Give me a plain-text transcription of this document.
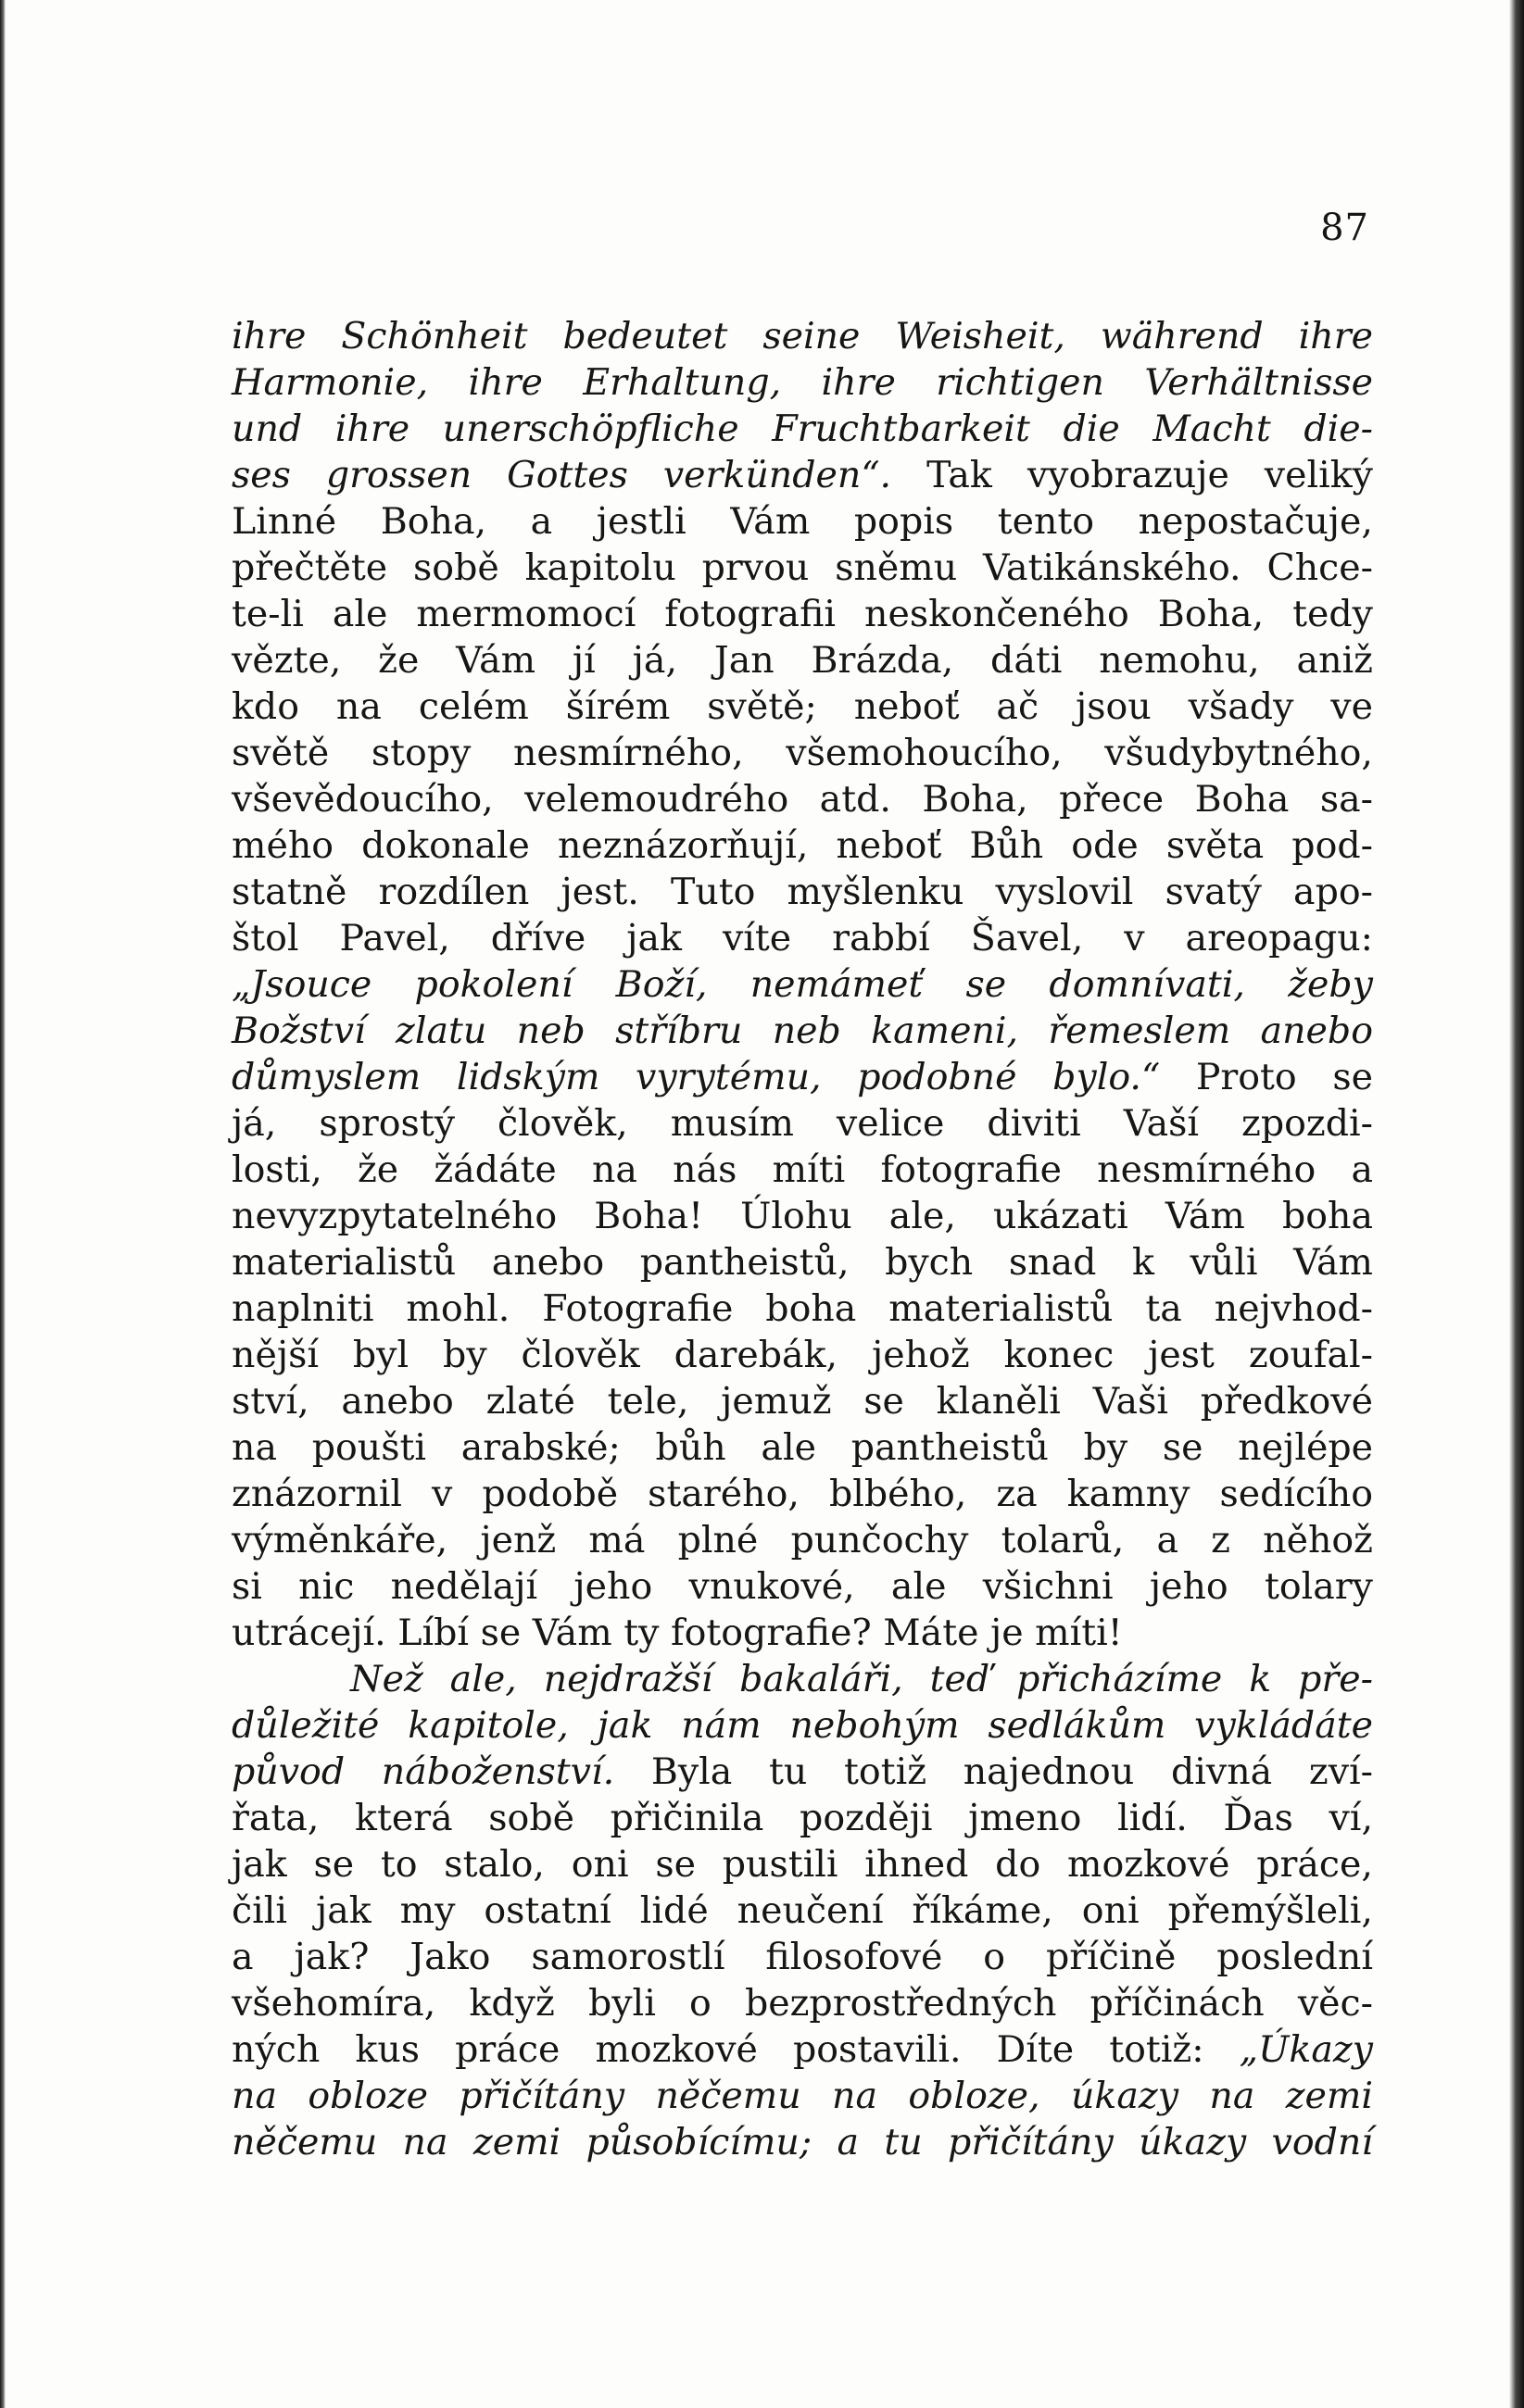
87
ihre Schönheit bedeutet seine Weisheit, während ihre
Harmonie, ihre Erhaltung, ihre richtigen Verhältnisse
und ihre unerschöpfliche Fruchtbarkeit die Macht die-
ses grossen Gottes verkünden“. Tak vyobrazuje veliký
Linné Boha, a jestli Vám popis tento nepostačuje,
přečtěte sobě kapitolu prvou sněmu Vatikánského. Chce-
te-li ale mermomocí fotografii neskončeného Boha, tedy
vězte, že Vám jí já, Jan Brázda, dáti nemohu, aniž
kdo na celém šírém světě; neboť ač jsou všady ve
světě stopy nesmírného, všemohoucího, všudybytného,
vševědoucího, velemoudrého atd. Boha, přece Boha sa-
mého dokonale neznázorňují, neboť Bůh ode světa pod-
statně rozdílen jest. Tuto myšlenku vyslovil svatý apo-
štol Pavel, dříve jak víte rabbí Šavel, v areopagu:
„Jsouce pokolení Boží, nemámeť se domnívati, žeby
Božství zlatu neb stříbru neb kameni, řemeslem anebo
důmyslem lidským vyrytému, podobné bylo.“ Proto se
já, sprostý člověk, musím velice diviti Vaší zpozdi-
losti, že žádáte na nás míti fotografie nesmírného a
nevyzpytatelného Boha! Úlohu ale, ukázati Vám boha
materialistů anebo pantheistů, bych snad k vůli Vám
naplniti mohl. Fotografie boha materialistů ta nejvhod-
nější byl by člověk darebák, jehož konec jest zoufal-
ství, anebo zlaté tele, jemuž se klaněli Vaši předkové
na poušti arabské; bůh ale pantheistů by se nejlépe
znázornil v podobě starého, blbého, za kamny sedícího
výměnkáře, jenž má plné punčochy tolarů, a z něhož
si nic nedělají jeho vnukové, ale všichni jeho tolary
utrácejí. Líbí se Vám ty fotografie? Máte je míti!
Než ale, nejdražší bakaláři, teď přicházíme k pře-
důležité kapitole, jak nám nebohým sedlákům vykládáte
původ náboženství. Byla tu totiž najednou divná zví-
řata, která sobě přičinila později jmeno lidí. Ďas ví,
jak se to stalo, oni se pustili ihned do mozkové práce,
čili jak my ostatní lidé neučení říkáme, oni přemýšleli,
a jak? Jako samorostlí filosofové o příčině poslední
všehomíra, když byli o bezprostředných příčinách věc-
ných kus práce mozkové postavili. Díte totiž: „Úkazy
na obloze přičítány něčemu na obloze, úkazy na zemi
něčemu na zemi působícímu; a tu přičítány úkazy vodní
